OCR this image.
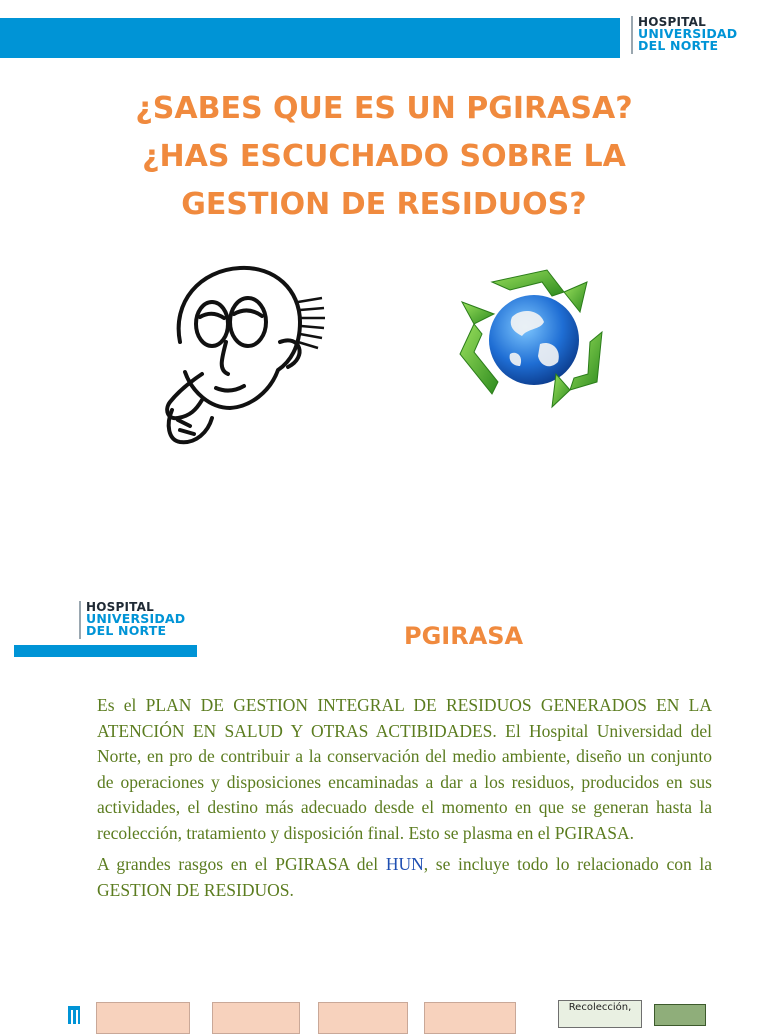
HOSPITAL
UNIVERSIDAD
DEL NORTE
¿SABES QUE ES UN PGIRASA?
¿HAS ESCUCHADO SOBRE LA
GESTION DE RESIDUOS?
HOSPITAL
UNIVERSIDAD
DEL NORTE	PGIRASA

Es el PLAN DE GESTION INTEGRAL DE RESIDUOS GENERADOS EN LA ATENCIÓN EN SALUD Y OTRAS ACTIBIDADES. El Hospital Universidad del Norte, en pro de contribuir a la conservación del medio ambiente, diseño un conjunto de operaciones y disposiciones encaminadas a dar a los residuos, producidos en sus actividades, el destino más adecuado desde el momento en que se generan hasta la recolección, tratamiento y disposición final. Esto se plasma en el PGIRASA.

A grandes rasgos en el PGIRASA del HUN, se incluye todo lo relacionado con la GESTION DE RESIDUOS.

Recolección,
